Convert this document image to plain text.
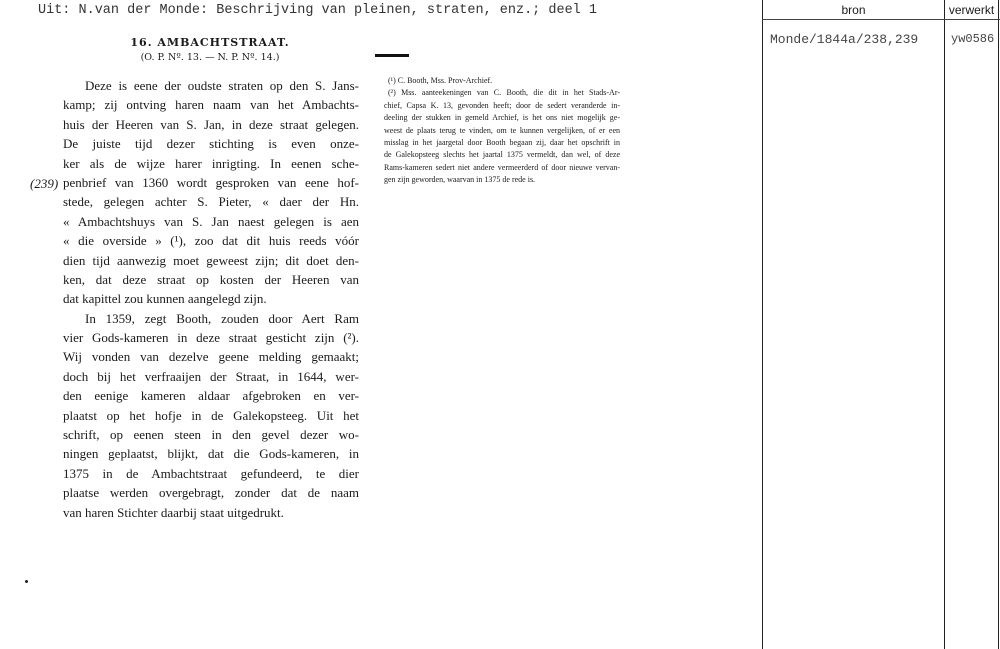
Uit: N.van der Monde: Beschrijving van pleinen, straten, enz.; deel 1
16. AMBACHTSTRAAT.
(O. P. Nº. 13. — N. P. Nº. 14.)
(239)
Deze is eene der oudste straten op den S. Jans-
kamp; zij ontving haren naam van het Ambachts-
huis der Heeren van S. Jan, in deze straat gelegen.
De juiste tijd dezer stichting is even onze-
ker als de wijze harer inrigting. In eenen sche-
penbrief van 1360 wordt gesproken van eene hof-
stede, gelegen achter S. Pieter, « daer der Hn.
« Ambachtshuys van S. Jan naest gelegen is aen
« die overside » (¹), zoo dat dit huis reeds vóór
dien tijd aanwezig moet geweest zijn; dit doet den-
ken, dat deze straat op kosten der Heeren van
dat kapittel zou kunnen aangelegd zijn.
In 1359, zegt Booth, zouden door Aert Ram
vier Gods-kameren in deze straat gesticht zijn (²).
Wij vonden van dezelve geene melding gemaakt;
doch bij het verfraaijen der Straat, in 1644, wer-
den eenige kameren aldaar afgebroken en ver-
plaatst op het hofje in de Galekopsteeg. Uit het
schrift, op eenen steen in den gevel dezer wo-
ningen geplaatst, blijkt, dat die Gods-kameren, in
1375 in de Ambachtstraat gefundeerd, te dier
plaatse werden overgebragt, zonder dat de naam
van haren Stichter daarbij staat uitgedrukt.
(¹) C. Booth, Mss. Prov-Archief.
(²) Mss. aanteekeningen van C. Booth, die dit in het Stads-Ar-
chief, Capsa K. 13, gevonden heeft; door de sedert veranderde in-
deeling der stukken in gemeld Archief, is het ons niet mogelijk ge-
weest de plaats terug te vinden, om te kunnen vergelijken, of er een
misslag in het jaargetal door Booth begaan zij, daar het opschrift in
de Galekopsteeg slechts het jaartal 1375 vermeldt, dan wel, of deze
Rams-kameren sedert niet andere vermeerderd of door nieuwe vervan-
gen zijn geworden, waarvan in 1375 de rede is.
bron	verwerkt
Monde/1844a/238,239	yw0586
